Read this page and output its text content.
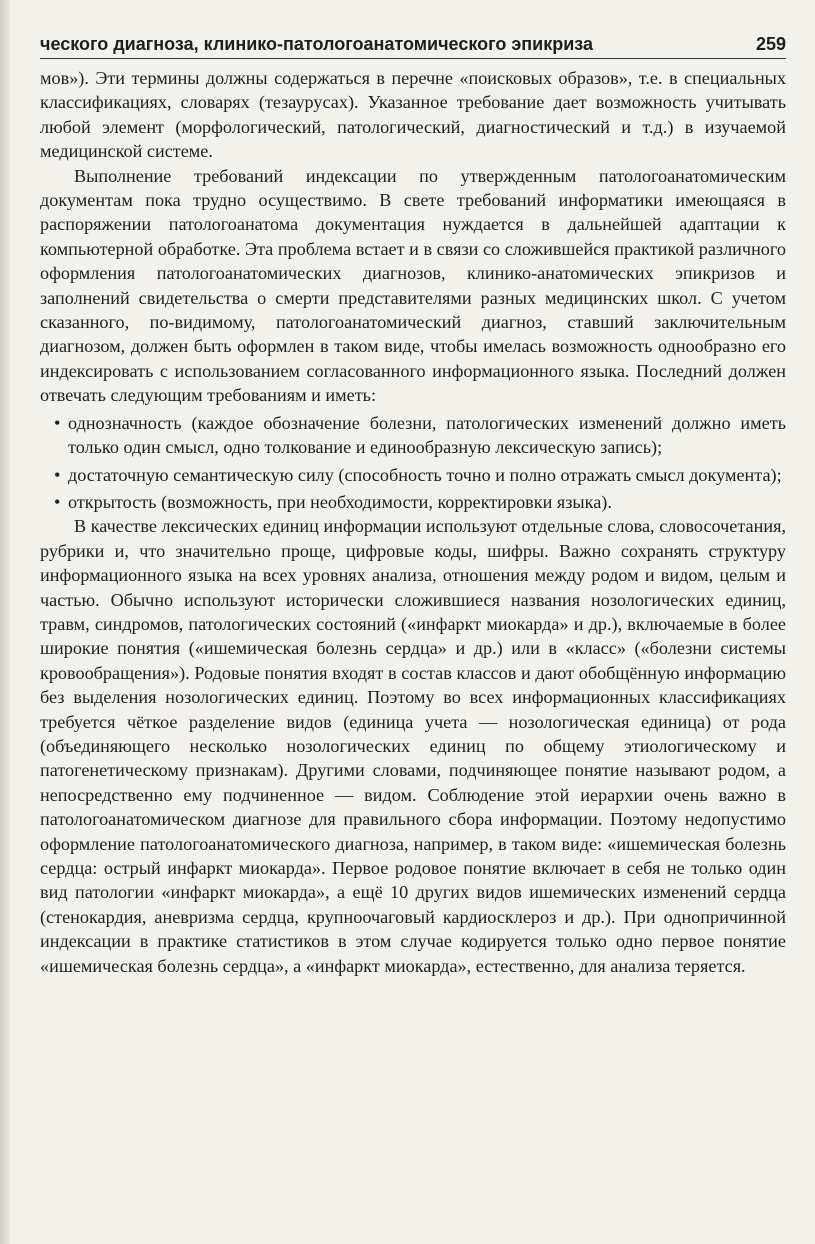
ческого диагноза, клинико-патологоанатомического эпикриза	259

мов»). Эти термины должны содержаться в перечне «поисковых образов», т.е. в специальных классификациях, словарях (тезаурусах). Указанное требование дает возможность учитывать любой элемент (морфологический, патологический, диагностический и т.д.) в изучаемой медицинской системе.

Выполнение требований индексации по утвержденным патологоанатомическим документам пока трудно осуществимо. В свете требований информатики имеющаяся в распоряжении патологоанатома документация нуждается в дальнейшей адаптации к компьютерной обработке. Эта проблема встает и в связи со сложившейся практикой различного оформления патологоанатомических диагнозов, клинико-анатомических эпикризов и заполнений свидетельства о смерти представителями разных медицинских школ. С учетом сказанного, по-видимому, патологоанатомический диагноз, ставший заключительным диагнозом, должен быть оформлен в таком виде, чтобы имелась возможность однообразно его индексировать с использованием согласованного информационного языка. Последний должен отвечать следующим требованиям и иметь:

• однозначность (каждое обозначение болезни, патологических изменений должно иметь только один смысл, одно толкование и единообразную лексическую запись);
• достаточную семантическую силу (способность точно и полно отражать смысл документа);
• открытость (возможность, при необходимости, корректировки языка).

В качестве лексических единиц информации используют отдельные слова, словосочетания, рубрики и, что значительно проще, цифровые коды, шифры. Важно сохранять структуру информационного языка на всех уровнях анализа, отношения между родом и видом, целым и частью. Обычно используют исторически сложившиеся названия нозологических единиц, травм, синдромов, патологических состояний («инфаркт миокарда» и др.), включаемые в более широкие понятия («ишемическая болезнь сердца» и др.) или в «класс» («болезни системы кровообращения»). Родовые понятия входят в состав классов и дают обобщённую информацию без выделения нозологических единиц. Поэтому во всех информационных классификациях требуется чёткое разделение видов (единица учета — нозологическая единица) от рода (объединяющего несколько нозологических единиц по общему этиологическому и патогенетическому признакам). Другими словами, подчиняющее понятие называют родом, а непосредственно ему подчиненное — видом. Соблюдение этой иерархии очень важно в патологоанатомическом диагнозе для правильного сбора информации. Поэтому недопустимо оформление патологоанатомического диагноза, например, в таком виде: «ишемическая болезнь сердца: острый инфаркт миокарда». Первое родовое понятие включает в себя не только один вид патологии «инфаркт миокарда», а ещё 10 других видов ишемических изменений сердца (стенокардия, аневризма сердца, крупноочаговый кардиосклероз и др.). При однопричинной индексации в практике статистиков в этом случае кодируется только одно первое понятие «ишемическая болезнь сердца», а «инфаркт миокарда», естественно, для анализа теряется.
